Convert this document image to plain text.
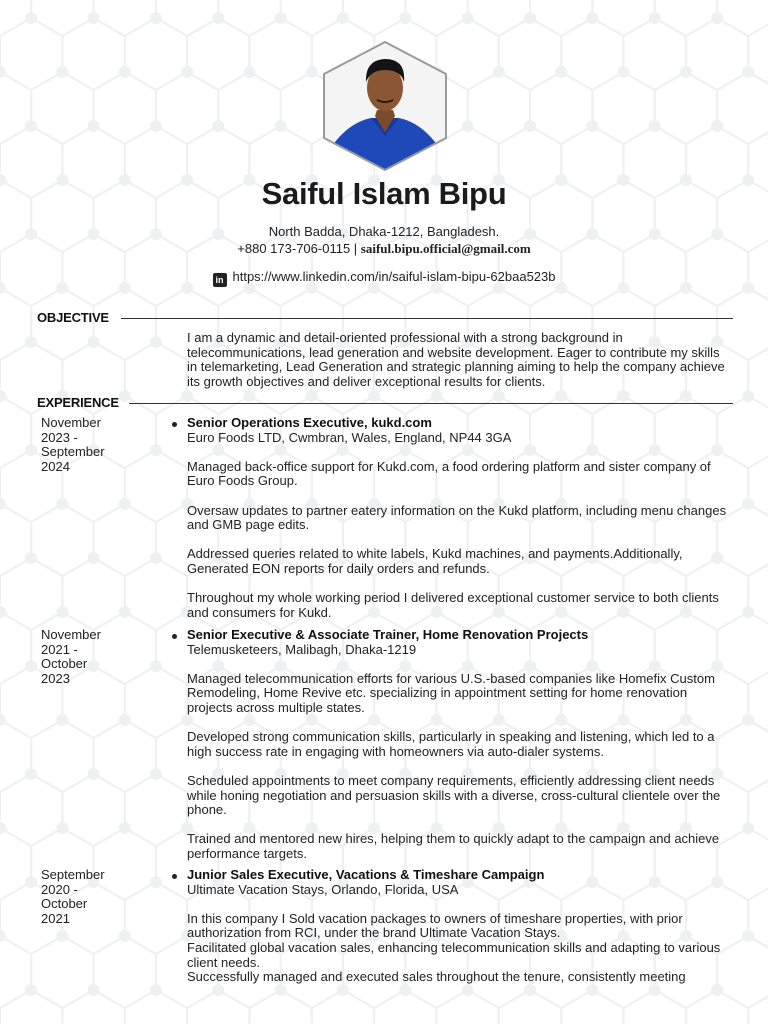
Saiful Islam Bipu
North Badda, Dhaka-1212, Bangladesh.
+880 173-706-0115 | saiful.bipu.official@gmail.com
in https://www.linkedin.com/in/saiful-islam-bipu-62baa523b
OBJECTIVE
I am a dynamic and detail-oriented professional with a strong background in telecommunications, lead generation and website development. Eager to contribute my skills in telemarketing, Lead Generation and strategic planning aiming to help the company achieve its growth objectives and deliver exceptional results for clients.
EXPERIENCE
November
2023 -
September
2024
Senior Operations Executive, kukd.com
Euro Foods LTD, Cwmbran, Wales, England, NP44 3GA
Managed back-office support for Kukd.com, a food ordering platform and sister company of Euro Foods Group.
Oversaw updates to partner eatery information on the Kukd platform, including menu changes and GMB page edits.
Addressed queries related to white labels, Kukd machines, and payments.Additionally, Generated EON reports for daily orders and refunds.
Throughout my whole working period I delivered exceptional customer service to both clients and consumers for Kukd.
November
2021 -
October
2023
Senior Executive & Associate Trainer, Home Renovation Projects
Telemusketeers, Malibagh, Dhaka-1219
Managed telecommunication efforts for various U.S.-based companies like Homefix Custom Remodeling, Home Revive etc. specializing in appointment setting for home renovation projects across multiple states.
Developed strong communication skills, particularly in speaking and listening, which led to a high success rate in engaging with homeowners via auto-dialer systems.
Scheduled appointments to meet company requirements, efficiently addressing client needs while honing negotiation and persuasion skills with a diverse, cross-cultural clientele over the phone.
Trained and mentored new hires, helping them to quickly adapt to the campaign and achieve performance targets.
September
2020 -
October
2021
Junior Sales Executive, Vacations & Timeshare Campaign
Ultimate Vacation Stays, Orlando, Florida, USA
In this company I Sold vacation packages to owners of timeshare properties, with prior authorization from RCI, under the brand Ultimate Vacation Stays.
Facilitated global vacation sales, enhancing telecommunication skills and adapting to various client needs.
Successfully managed and executed sales throughout the tenure, consistently meeting
